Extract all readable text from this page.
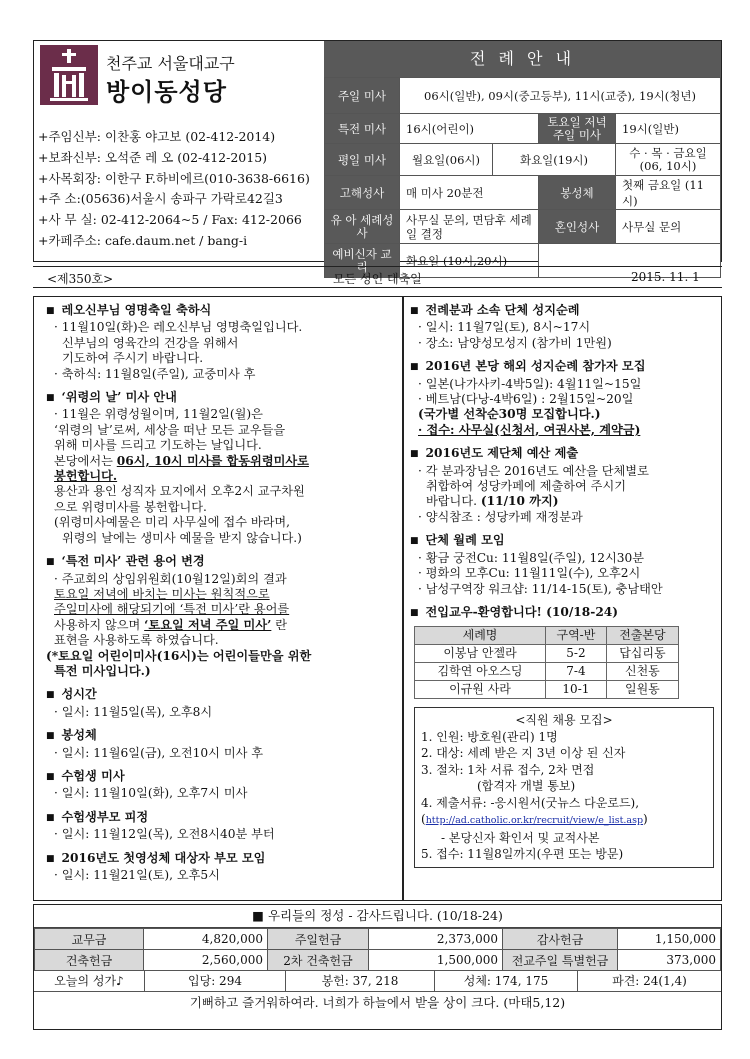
천주교 서울대교구
방이동성당
+주임신부: 이찬홍 야고보 (02-412-2014)
+보좌신부: 오석준 레 오 (02-412-2015)
+사목회장: 이한구 F.하비에르(010-3638-6616)
+주 소:(05636)서울시 송파구 가락로42길3
+사 무 실: 02-412-2064~5 / Fax: 412-2066
+카페주소: cafe.daum.net / bang-i
전 례 안 내
주일 미사	06시(일반), 09시(중고등부), 11시(교중), 19시(청년)			
특전 미사	16시(어린이)		토요일 저녁 주일 미사	19시(일반)
평일 미사	월요일(06시)	화요일(19시)		수 · 목 · 금요일 (06, 10시)
고해성사	매 미사 20분전		봉성체	첫째 금요일 (11시)
유 아 세례성사	사무실 문의, 면담후 세례일 결정		혼인성사	사무실 문의
예비신자 교 리	화요일 (10시,20시)			
<제350호>	모든 성인 대축일	2015. 11. 1
■ 레오신부님 영명축일 축하식
· 11월10일(화)은 레오신부님 영명축일입니다.
신부님의 영육간의 건강을 위해서
기도하여 주시기 바랍니다.
· 축하식: 11월8일(주일), 교중미사 후
■ ‘위령의 날’ 미사 안내
· 11월은 위령성월이며, 11월2일(월)은
‘위령의 날’로써, 세상을 떠난 모든 교우들을
위해 미사를 드리고 기도하는 날입니다.
본당에서는 06시, 10시 미사를 합동위령미사로
봉헌합니다.
용산과 용인 성직자 묘지에서 오후2시 교구차원
으로 위령미사를 봉헌합니다.
(위령미사예물은 미리 사무실에 접수 바라며,
위령의 날에는 생미사 예물을 받지 않습니다.)
■ ‘특전 미사’ 관련 용어 변경
· 주교회의 상임위원회(10월12일)회의 결과
토요일 저녁에 바치는 미사는 원칙적으로
주일미사에 해당되기에 ‘특전 미사’란 용어를
사용하지 않으며 ‘토요일 저녁 주일 미사’ 란
표현을 사용하도록 하였습니다.
(*토요일 어린이미사(16시)는 어린이들만을 위한
특전 미사입니다.)
■ 성시간
· 일시: 11월5일(목), 오후8시
■ 봉성체
· 일시: 11월6일(금), 오전10시 미사 후
■ 수험생 미사
· 일시: 11월10일(화), 오후7시 미사
■ 수험생부모 피정
· 일시: 11월12일(목), 오전8시40분 부터
■ 2016년도 첫영성체 대상자 부모 모임
· 일시: 11월21일(토), 오후5시
■ 전례분과 소속 단체 성지순례
· 일시: 11월7일(토), 8시~17시
· 장소: 남양성모성지 (참가비 1만원)
■ 2016년 본당 해외 성지순례 참가자 모집
· 일본(나가사키-4박5일): 4월11일~15일
· 베트남(다낭-4박6일) : 2월15일~20일
(국가별 선착순30명 모집합니다.)
· 접수: 사무실(신청서, 여권사본, 계약금)
■ 2016년도 제단체 예산 제출
· 각 분과장님은 2016년도 예산을 단체별로
취합하여 성당카페에 제출하여 주시기
바랍니다. (11/10 까지)
· 양식참조 : 성당카페 재정분과
■ 단체 월례 모임
· 황금 궁전Cu: 11월8일(주일), 12시30분
· 평화의 모후Cu: 11월11일(수), 오후2시
· 남성구역장 워크샵: 11/14-15(토), 충남태안
■ 전입교우-환영합니다! (10/18-24)
세례명	구역-반	전출본당
이봉남 안젤라	5-2	답십리동
김학연 아오스딩	7-4	신천동
이규원 사라	10-1	일원동
<직원 채용 모집>
1. 인원: 방호원(관리) 1명
2. 대상: 세례 받은 지 3년 이상 된 신자
3. 절차: 1차 서류 접수, 2차 면접
(합격자 개별 통보)
4. 제출서류: -응시원서(굿뉴스 다운로드),
(http://ad.catholic.or.kr/recruit/view/e_list.asp)
- 본당신자 확인서 및 교적사본
5. 접수: 11월8일까지(우편 또는 방문)
■ 우리들의 정성 - 감사드립니다. (10/18-24)
교무금	4,820,000	주일헌금	2,373,000	감사헌금	1,150,000
건축헌금	2,560,000	2차 건축헌금	1,500,000	전교주일 특별헌금	373,000
오늘의 성가♪	입당: 294	봉헌: 37, 218	성체: 174, 175	파견: 24(1,4)
기뻐하고 즐거워하여라. 너희가 하늘에서 받을 상이 크다. (마태5,12)
